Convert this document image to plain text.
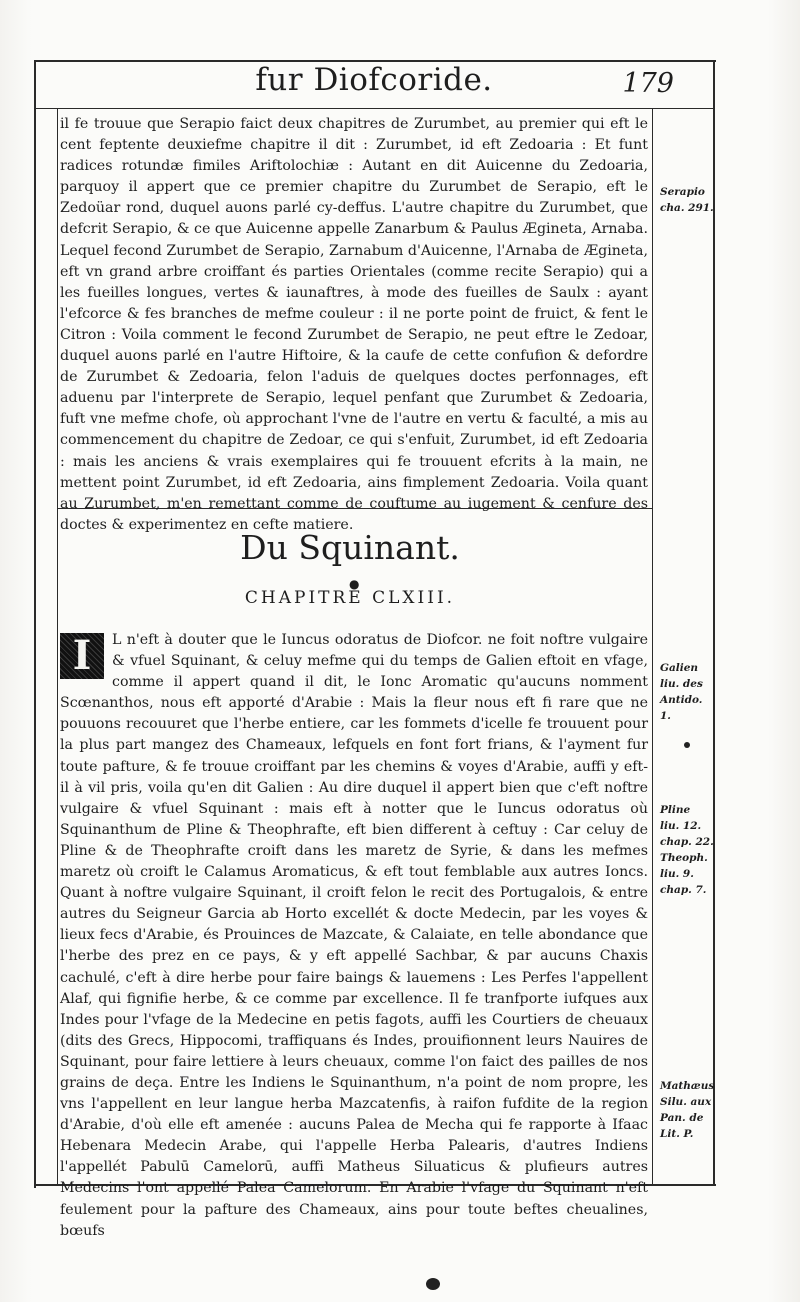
fur Diofcoride.	179

il fe trouue que Serapio faict deux chapitres de Zurumbet, au premier qui eft le cent feptente deuxiefme chapitre il dit : Zurumbet, id eft Zedoaria : Et funt radices rotundæ fimiles Ariftolochiæ : Autant en dit Auicenne du Zedoaria, parquoy il appert que ce premier chapitre du Zurumbet de Serapio, eft le Zedoüar rond, duquel auons parlé cy-deffus. L'autre chapitre du Zurumbet, que defcrit Serapio, & ce que Auicenne appelle Zanarbum & Paulus Ægineta, Arnaba. Lequel fecond Zurumbet de Serapio, Zarnabum d'Auicenne, l'Arnaba de Ægineta, eft vn grand arbre croiffant és parties Orientales (comme recite Serapio) qui a les fueilles longues, vertes & iaunaftres, à mode des fueilles de Saulx : ayant l'efcorce & fes branches de mefme couleur : il ne porte point de fruict, & fent le Citron : Voila comment le fecond Zurumbet de Serapio, ne peut eftre le Zedoar, duquel auons parlé en l'autre Hiftoire, & la caufe de cette confufion & defordre de Zurumbet & Zedoaria, felon l'aduis de quelques doctes perfonnages, eft aduenu par l'interprete de Serapio, lequel penfant que Zurumbet & Zedoaria, fuft vne mefme chofe, où approchant l'vne de l'autre en vertu & faculté, a mis au commencement du chapitre de Zedoar, ce qui s'enfuit, Zurumbet, id eft Zedoaria : mais les anciens & vrais exemplaires qui fe trouuent efcrits à la main, ne mettent point Zurumbet, id eft Zedoaria, ains fimplement Zedoaria. Voila quant au Zurumbet, m'en remettant comme de couftume au iugement & cenfure des doctes & experimentez en cefte matiere.

Du Squinant.
●
CHAPITRE CLXIII.
I	L n'eft à douter que le Iuncus odoratus de Diofcor. ne foit noftre vulgaire & vfuel Squinant, & celuy mefme qui du temps de Galien eftoit en vfage, comme il appert quand il dit, le Ionc Aromatic qu'aucuns nomment Scœnanthos, nous eft apporté d'Arabie : Mais la fleur nous eft fi rare que ne pouuons recouuret que l'herbe entiere, car les fommets d'icelle fe trouuent pour la plus part mangez des Chameaux, lefquels en font fort frians, & l'ayment fur toute pafture, & fe trouue croiffant par les chemins & voyes d'Arabie, auffi y eft-il à vil pris, voila qu'en dit Galien : Au dire duquel il appert bien que c'eft noftre vulgaire & vfuel Squinant : mais eft à notter que le Iuncus odoratus où Squinanthum de Pline & Theophrafte, eft bien different à ceftuy : Car celuy de Pline & de Theophrafte croift dans les maretz de Syrie, & dans les mefmes maretz où croift le Calamus Aromaticus, & eft tout femblable aux autres Ioncs. Quant à noftre vulgaire Squinant, il croift felon le recit des Portugalois, & entre autres du Seigneur Garcia ab Horto excellét & docte Medecin, par les voyes & lieux fecs d'Arabie, és Prouinces de Mazcate, & Calaiate, en telle abondance que l'herbe des prez en ce pays, & y eft appellé Sachbar, & par aucuns Chaxis cachulé, c'eft à dire herbe pour faire baings & lauemens : Les Perfes l'appellent Alaf, qui fignifie herbe, & ce comme par excellence. Il fe tranfporte iufques aux Indes pour l'vfage de la Medecine en petis fagots, auffi les Courtiers de cheuaux (dits des Grecs, Hippocomi, traffiquans és Indes, prouifionnent leurs Nauires de Squinant, pour faire lettiere à leurs cheuaux, comme l'on faict des pailles de nos grains de deça. Entre les Indiens le Squinanthum, n'a point de nom propre, les vns l'appellent en leur langue herba Mazcatenfis, à raifon fufdite de la region d'Arabie, d'où elle eft amenée : aucuns Palea de Mecha qui fe rapporte à Ifaac Hebenara Medecin Arabe, qui l'appelle Herba Palearis, d'autres Indiens l'appellét Pabulū Camelorū, auffi Matheus Siluaticus & plufieurs autres Medecins l'ont appellé Palea Camelorum. En Arabie l'vfage du Squinant n'eft feulement pour la pafture des Chameaux, ains pour toute beftes cheualines, bœufs

Serapio
cha. 291.
Galien
liu. des
Antido.
1.
Pline
liu. 12.
chap. 22.
Theoph.
liu. 9.
chap. 7.
Mathæus
Silu. aux
Pan. de
Lit. P.
